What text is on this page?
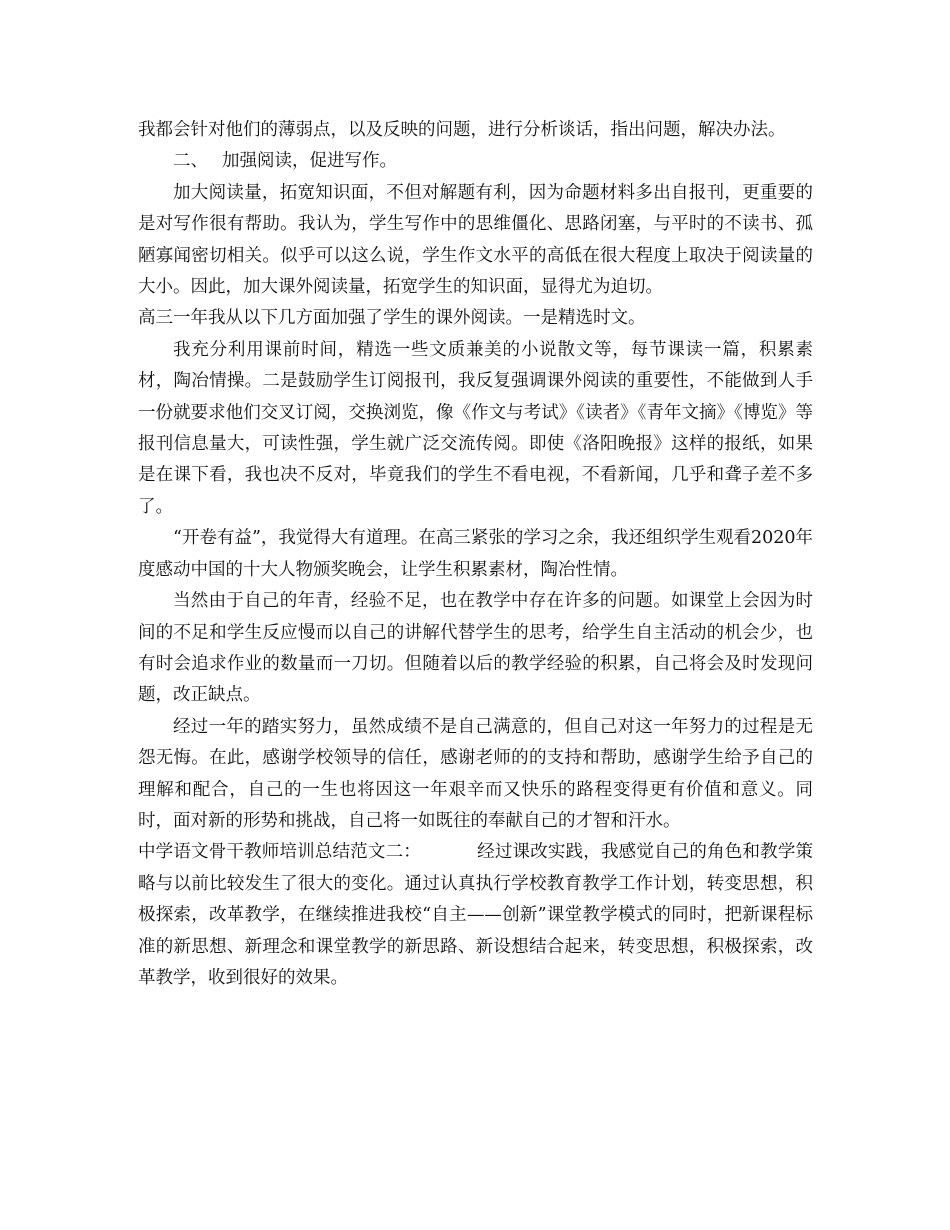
我都会针对他们的薄弱点，以及反映的问题，进行分析谈话，指出问题，解决办法。

二、 加强阅读，促进写作。

加大阅读量，拓宽知识面，不但对解题有利，因为命题材料多出自报刊，更重要的是对写作很有帮助。我认为，学生写作中的思维僵化、思路闭塞，与平时的不读书、孤陋寡闻密切相关。似乎可以这么说，学生作文水平的高低在很大程度上取决于阅读量的大小。因此，加大课外阅读量，拓宽学生的知识面，显得尤为迫切。

高三一年我从以下几方面加强了学生的课外阅读。一是精选时文。

我充分利用课前时间，精选一些文质兼美的小说散文等，每节课读一篇，积累素材，陶冶情操。二是鼓励学生订阅报刊，我反复强调课外阅读的重要性，不能做到人手一份就要求他们交叉订阅，交换浏览，像《作文与考试》《读者》《青年文摘》《博览》等报刊信息量大，可读性强，学生就广泛交流传阅。即使《洛阳晚报》这样的报纸，如果是在课下看，我也决不反对，毕竟我们的学生不看电视，不看新闻，几乎和聋子差不多了。

“开卷有益”，我觉得大有道理。在高三紧张的学习之余，我还组织学生观看2020年度感动中国的十大人物颁奖晚会，让学生积累素材，陶冶性情。

当然由于自己的年青，经验不足，也在教学中存在许多的问题。如课堂上会因为时间的不足和学生反应慢而以自己的讲解代替学生的思考，给学生自主活动的机会少，也有时会追求作业的数量而一刀切。但随着以后的教学经验的积累，自己将会及时发现问题，改正缺点。

经过一年的踏实努力，虽然成绩不是自己满意的，但自己对这一年努力的过程是无怨无悔。在此，感谢学校领导的信任，感谢老师的的支持和帮助，感谢学生给予自己的理解和配合，自己的一生也将因这一年艰辛而又快乐的路程变得更有价值和意义。同时，面对新的形势和挑战，自己将一如既往的奉献自己的才智和汗水。

中学语文骨干教师培训总结范文二：	经过课改实践，我感觉自己的角色和教学策略与以前比较发生了很大的变化。通过认真执行学校教育教学工作计划，转变思想，积极探索，改革教学，在继续推进我校“自主——创新”课堂教学模式的同时，把新课程标准的新思想、新理念和课堂教学的新思路、新设想结合起来，转变思想，积极探索，改革教学，收到很好的效果。
